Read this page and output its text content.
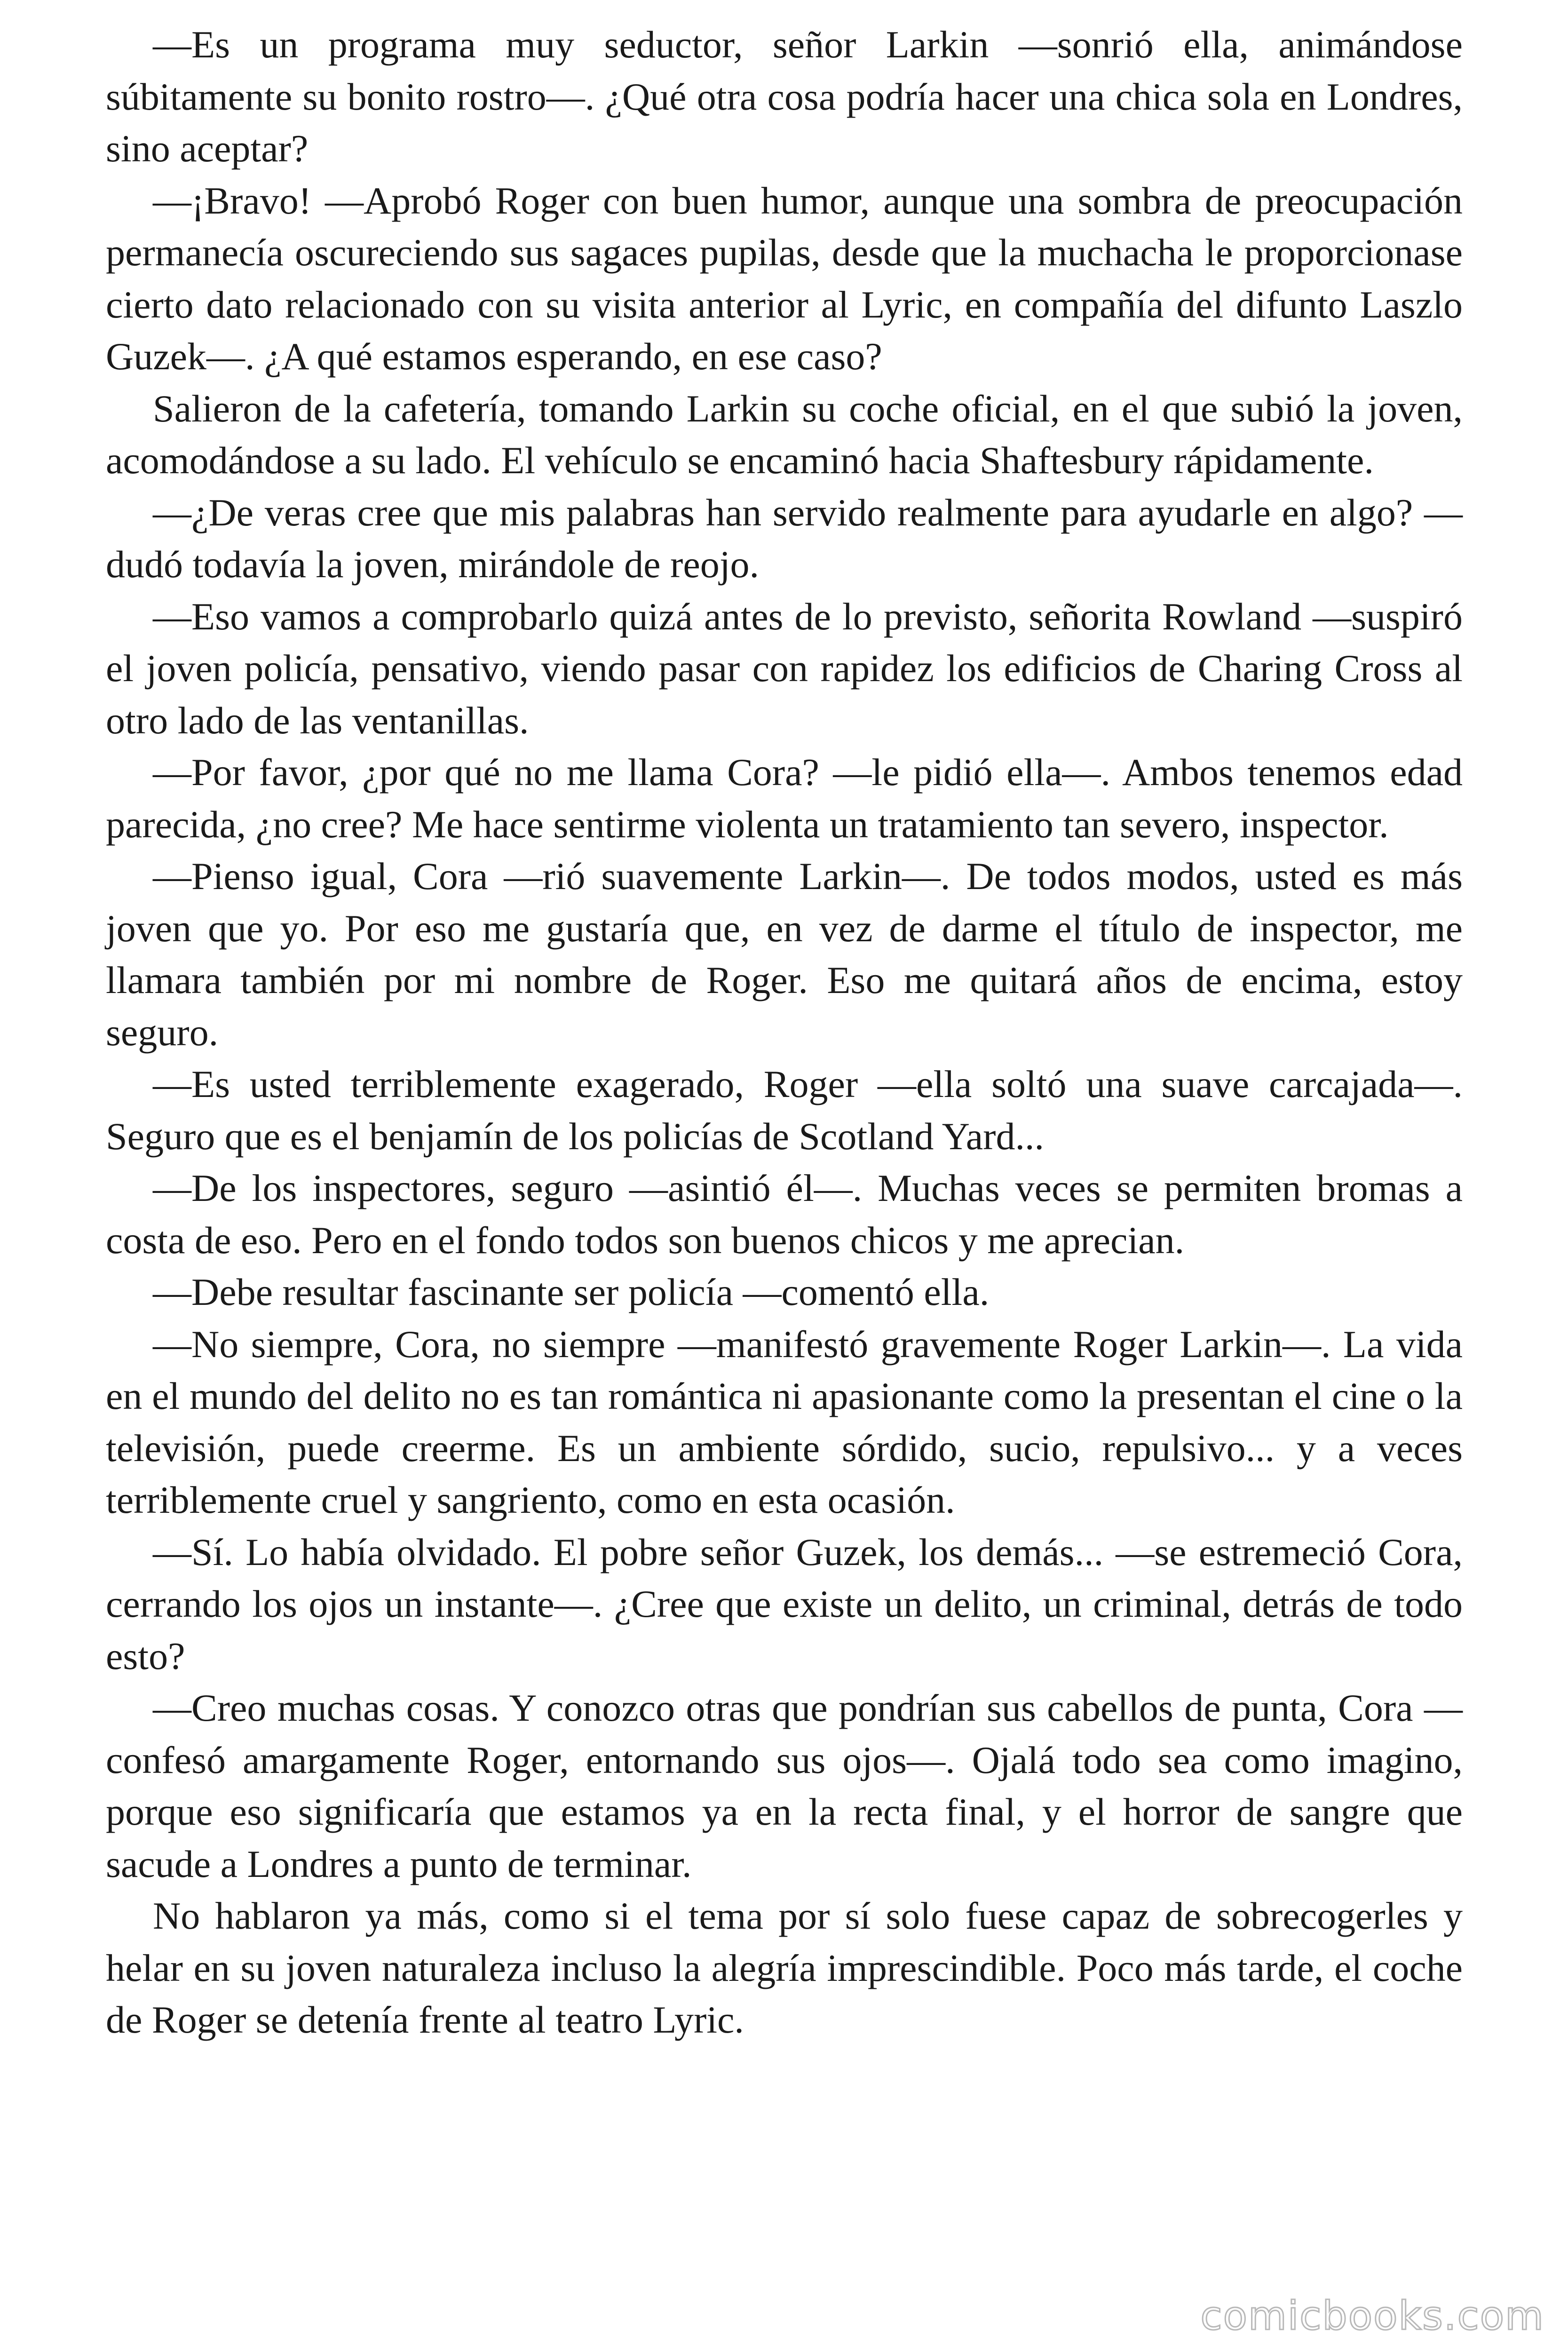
—Es un programa muy seductor, señor Larkin —sonrió ella, animándose súbitamente su bonito rostro—. ¿Qué otra cosa podría hacer una chica sola en Londres, sino aceptar?

—¡Bravo! —Aprobó Roger con buen humor, aunque una sombra de preocupación permanecía oscureciendo sus sagaces pupilas, desde que la muchacha le proporcionase cierto dato relacionado con su visita anterior al Lyric, en compañía del difunto Laszlo Guzek—. ¿A qué estamos esperando, en ese caso?

Salieron de la cafetería, tomando Larkin su coche oficial, en el que subió la joven, acomodándose a su lado. El vehículo se encaminó hacia Shaftesbury rápidamente.

—¿De veras cree que mis palabras han servido realmente para ayudarle en algo? —dudó todavía la joven, mirándole de reojo.

—Eso vamos a comprobarlo quizá antes de lo previsto, señorita Rowland —suspiró el joven policía, pensativo, viendo pasar con rapidez los edificios de Charing Cross al otro lado de las ventanillas.

—Por favor, ¿por qué no me llama Cora? —le pidió ella—. Ambos tenemos edad parecida, ¿no cree? Me hace sentirme violenta un tratamiento tan severo, inspector.

—Pienso igual, Cora —rió suavemente Larkin—. De todos modos, usted es más joven que yo. Por eso me gustaría que, en vez de darme el título de inspector, me llamara también por mi nombre de Roger. Eso me quitará años de encima, estoy seguro.

—Es usted terriblemente exagerado, Roger —ella soltó una suave carcajada—. Seguro que es el benjamín de los policías de Scotland Yard...

—De los inspectores, seguro —asintió él—. Muchas veces se permiten bromas a costa de eso. Pero en el fondo todos son buenos chicos y me aprecian.

—Debe resultar fascinante ser policía —comentó ella.

—No siempre, Cora, no siempre —manifestó gravemente Roger Larkin—. La vida en el mundo del delito no es tan romántica ni apasionante como la presentan el cine o la televisión, puede creerme. Es un ambiente sórdido, sucio, repulsivo... y a veces terriblemente cruel y sangriento, como en esta ocasión.

—Sí. Lo había olvidado. El pobre señor Guzek, los demás... —se estremeció Cora, cerrando los ojos un instante—. ¿Cree que existe un delito, un criminal, detrás de todo esto?

—Creo muchas cosas. Y conozco otras que pondrían sus cabellos de punta, Cora —confesó amargamente Roger, entornando sus ojos—. Ojalá todo sea como imagino, porque eso significaría que estamos ya en la recta final, y el horror de sangre que sacude a Londres a punto de terminar.

No hablaron ya más, como si el tema por sí solo fuese capaz de sobrecogerles y helar en su joven naturaleza incluso la alegría imprescindible. Poco más tarde, el coche de Roger se detenía frente al teatro Lyric.

comicbooks.com
